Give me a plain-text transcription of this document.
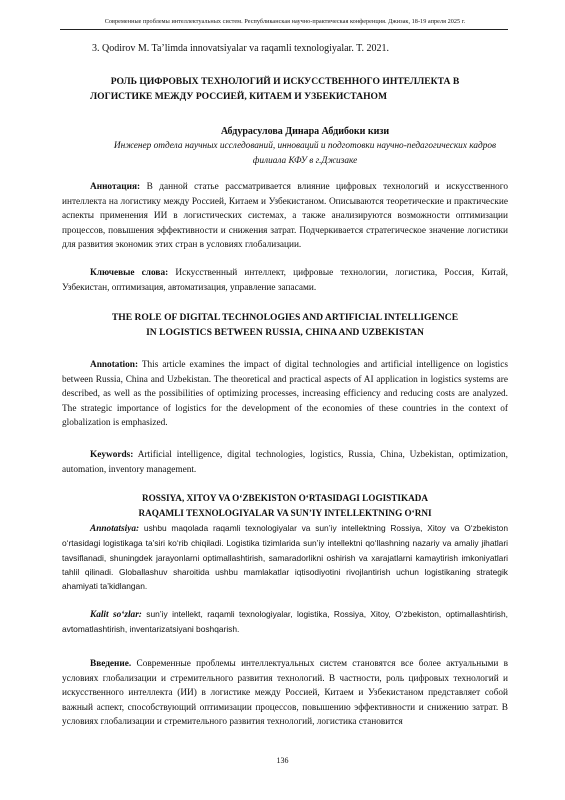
Современные проблемы интеллектуальных систем. Республиканская научно-практическая конференция. Джизак, 18-19 апреля 2025 г.
3. Qodirov M. Ta’limda innovatsiyalar va raqamli texnologiyalar. T. 2021.
РОЛЬ ЦИФРОВЫХ ТЕХНОЛОГИЙ И ИСКУССТВЕННОГО ИНТЕЛЛЕКТА В
ЛОГИСТИКЕ МЕЖДУ РОССИЕЙ, КИТАЕМ И УЗБЕКИСТАНОМ
Абдурасулова Динара Абдибоки кизи
Инженер отдела научных исследований, инноваций и подготовки научно-педагогических кадров филиала КФУ в г.Джизаке

Аннотация: В данной статье рассматривается влияние цифровых технологий и искусственного интеллекта на логистику между Россией, Китаем и Узбекистаном. Описываются теоретические и практические аспекты применения ИИ в логистических системах, а также анализируются возможности оптимизации процессов, повышения эффективности и снижения затрат. Подчеркивается стратегическое значение логистики для развития экономик этих стран в условиях глобализации.

Ключевые слова: Искусственный интеллект, цифровые технологии, логистика, Россия, Китай, Узбекистан, оптимизация, автоматизация, управление запасами.

THE ROLE OF DIGITAL TECHNOLOGIES AND ARTIFICIAL INTELLIGENCE
IN LOGISTICS BETWEEN RUSSIA, CHINA AND UZBEKISTAN

Annotation: This article examines the impact of digital technologies and artificial intelligence on logistics between Russia, China and Uzbekistan. The theoretical and practical aspects of AI application in logistics systems are described, as well as the possibilities of optimizing processes, increasing efficiency and reducing costs are analyzed. The strategic importance of logistics for the development of the economies of these countries in the context of globalization is emphasized.

Keywords: Artificial intelligence, digital technologies, logistics, Russia, China, Uzbekistan, optimization, automation, inventory management.

ROSSIYA, XITOY VA O‘ZBEKISTON O‘RTASIDAGI LOGISTIKADA
RAQAMLI TEXNOLOGIYALAR VA SUN’IY INTELLEKTNING O‘RNI

Annotatsiya: ushbu maqolada raqamli texnologiyalar va sun’iy intellektning Rossiya, Xitoy va O‘zbekiston o‘rtasidagi logistikaga ta’siri ko‘rib chiqiladi. Logistika tizimlarida sun’iy intellektni qo‘llashning nazariy va amaliy jihatlari tavsiflanadi, shuningdek jarayonlarni optimallashtirish, samaradorlikni oshirish va xarajatlarni kamaytirish imkoniyatlari tahlil qilinadi. Globallashuv sharoitida ushbu mamlakatlar iqtisodiyotini rivojlantirish uchun logistikaning strategik ahamiyati ta’kidlangan.

Kalit so‘zlar: sun’iy intellekt, raqamli texnologiyalar, logistika, Rossiya, Xitoy, O‘zbekiston, optimallashtirish, avtomatlashtirish, inventarizatsiyani boshqarish.

Введение. Современные проблемы интеллектуальных систем становятся все более актуальными в условиях глобализации и стремительного развития технологий. В частности, роль цифровых технологий и искусственного интеллекта (ИИ) в логистике между Россией, Китаем и Узбекистаном представляет собой важный аспект, способствующий оптимизации процессов, повышению эффективности и снижению затрат. В условиях глобализации и стремительного развития технологий, логистика становится

136
